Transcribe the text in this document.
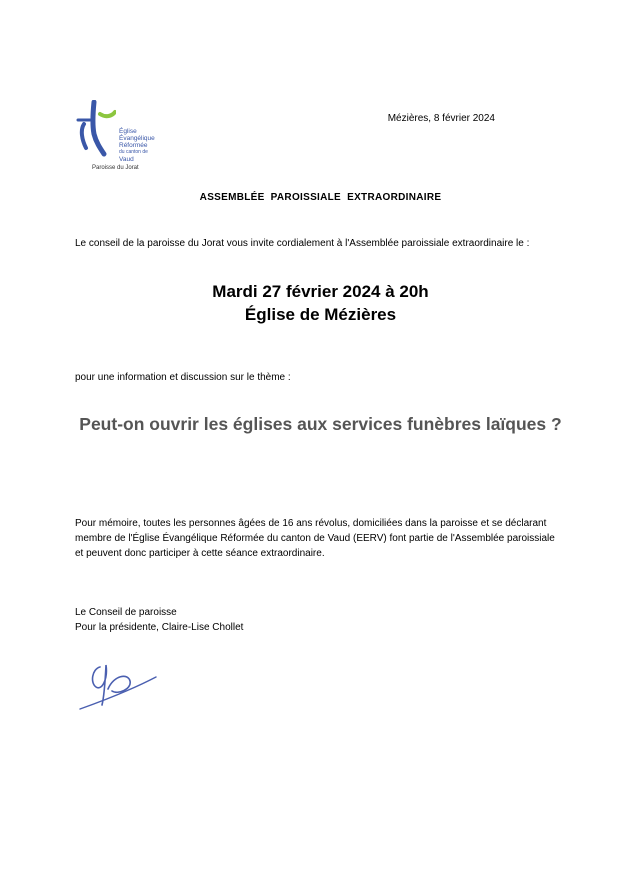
Église
Évangélique
Réformée
du canton de
Vaud
Paroisse du Jorat
Mézières, 8 février 2024
ASSEMBLÉE PAROISSIALE EXTRAORDINAIRE
Le conseil de la paroisse du Jorat vous invite cordialement à l'Assemblée paroissiale extraordinaire le :
Mardi 27 février 2024 à 20h
Église de Mézières
pour une information et discussion sur le thème :
Peut-on ouvrir les églises aux services funèbres laïques ?
Pour mémoire, toutes les personnes âgées de 16 ans révolus, domiciliées dans la paroisse et se déclarant membre de l'Église Évangélique Réformée du canton de Vaud (EERV) font partie de l'Assemblée paroissiale et peuvent donc participer à cette séance extraordinaire.
Le Conseil de paroisse
Pour la présidente, Claire-Lise Chollet
